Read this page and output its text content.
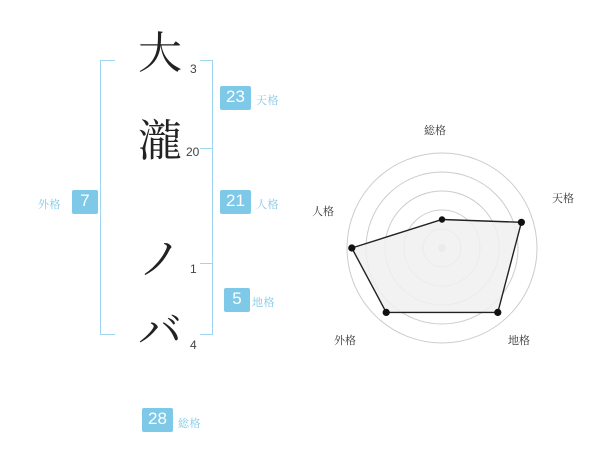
外格	7
大
瀧
ノ
バ
3
20
1
4
23	天格
21	人格
5 地格
28	総格
総格
天格
地格
外格
人格
